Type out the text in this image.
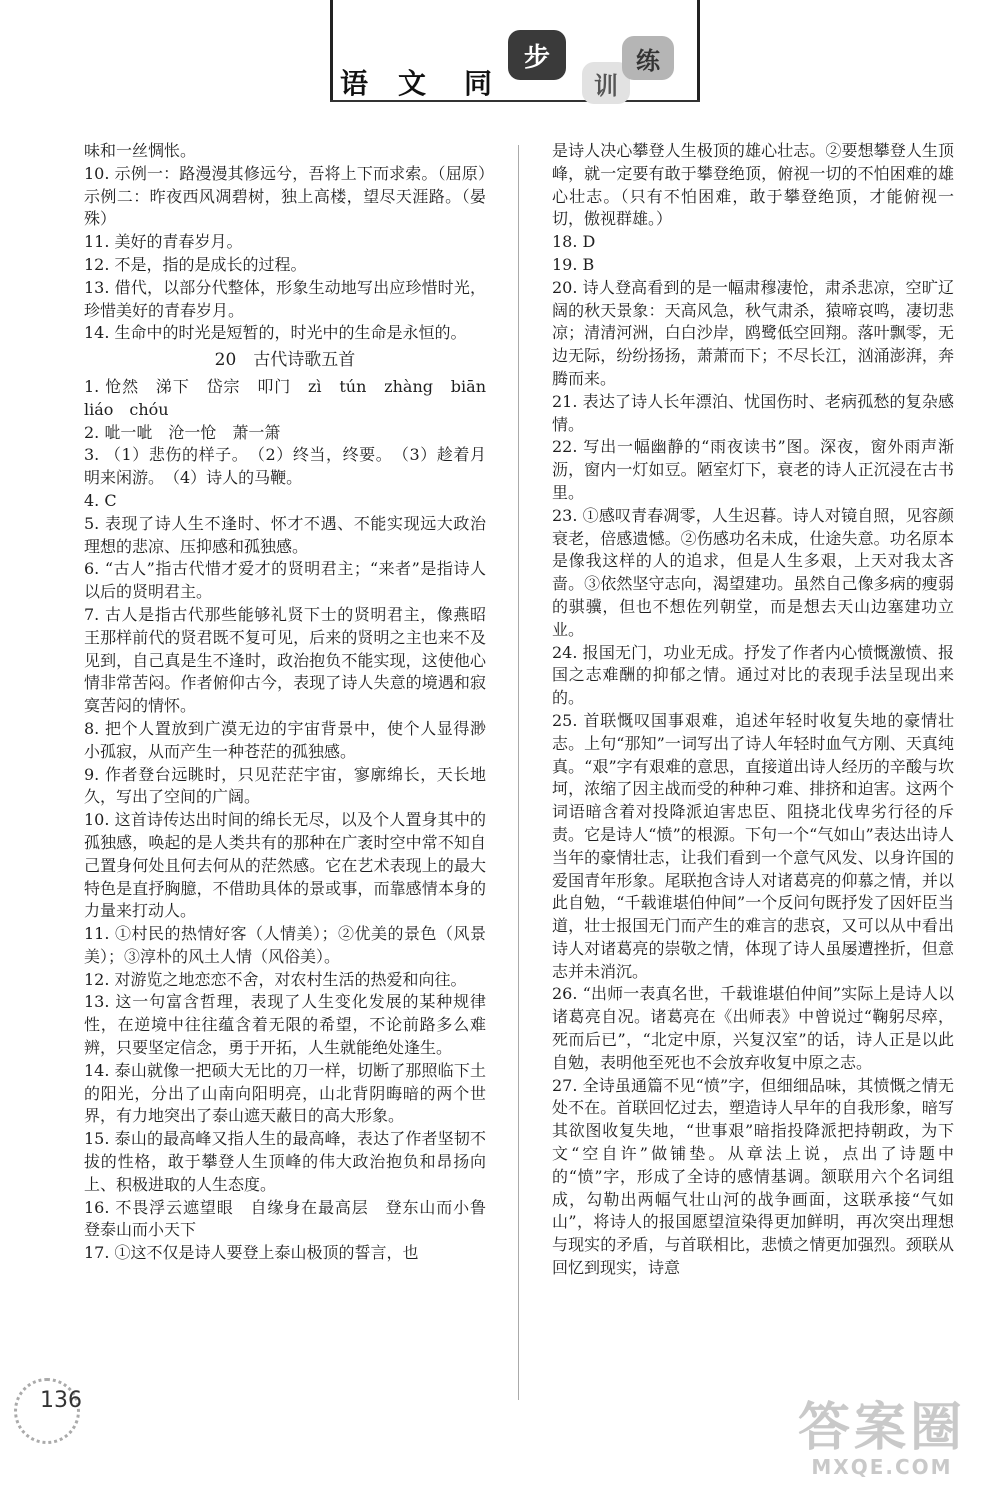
语 文 同
步
训
练

味和一丝惆怅。

10. 示例一：路漫漫其修远兮，吾将上下而求索。（屈原）　示例二：昨夜西风凋碧树，独上高楼，望尽天涯路。（晏殊）

11. 美好的青春岁月。

12. 不是，指的是成长的过程。

13. 借代，以部分代整体，形象生动地写出应珍惜时光，珍惜美好的青春岁月。

14. 生命中的时光是短暂的，时光中的生命是永恒的。

20　古代诗歌五首

1. 怆然　涕下　岱宗　叩门　zì　tún　zhàng　biān　liáo　chóu

2. 呲一呲　沧一怆　萧一箫

3. （1）悲伤的样子。　（2）终当，终要。　（3）趁着月明来闲游。　（4）诗人的马鞭。

4. C

5. 表现了诗人生不逢时、怀才不遇、不能实现远大政治理想的悲凉、压抑感和孤独感。

6. “古人”指古代惜才爱才的贤明君主；“来者”是指诗人以后的贤明君主。

7. 古人是指古代那些能够礼贤下士的贤明君主，像燕昭王那样前代的贤君既不复可见，后来的贤明之主也来不及见到，自己真是生不逢时，政治抱负不能实现，这使他心情非常苦闷。作者俯仰古今，表现了诗人失意的境遇和寂寞苦闷的情怀。

8. 把个人置放到广漠无边的宇宙背景中，使个人显得渺小孤寂，从而产生一种苍茫的孤独感。

9. 作者登台远眺时，只见茫茫宇宙，寥廓绵长，天长地久，写出了空间的广阔。

10. 这首诗传达出时间的绵长无尽，以及个人置身其中的孤独感，唤起的是人类共有的那种在广袤时空中常不知自己置身何处且何去何从的茫然感。它在艺术表现上的最大特色是直抒胸臆，不借助具体的景或事，而靠感情本身的力量来打动人。

11. ①村民的热情好客（人情美）；②优美的景色（风景美）；③淳朴的风土人情（风俗美）。

12. 对游览之地恋恋不舍，对农村生活的热爱和向往。

13. 这一句富含哲理，表现了人生变化发展的某种规律性，在逆境中往往蕴含着无限的希望，不论前路多么难辨，只要坚定信念，勇于开拓，人生就能绝处逢生。

14. 泰山就像一把硕大无比的刀一样，切断了那照临下土的阳光，分出了山南向阳明亮，山北背阴晦暗的两个世界，有力地突出了泰山遮天蔽日的高大形象。

15. 泰山的最高峰又指人生的最高峰，表达了作者坚韧不拔的性格，敢于攀登人生顶峰的伟大政治抱负和昂扬向上、积极进取的人生态度。

16. 不畏浮云遮望眼　自缘身在最高层　登东山而小鲁　登泰山而小天下

17. ①这不仅是诗人要登上泰山极顶的誓言，也

是诗人决心攀登人生极顶的雄心壮志。②要想攀登人生顶峰，就一定要有敢于攀登绝顶，俯视一切的不怕困难的雄心壮志。（只有不怕困难，敢于攀登绝顶，才能俯视一切，傲视群雄。）

18. D

19. B

20. 诗人登高看到的是一幅肃穆凄怆，肃杀悲凉，空旷辽阔的秋天景象：天高风急，秋气肃杀，猿啼哀鸣，凄切悲凉；清清河洲，白白沙岸，鸥鹭低空回翔。落叶飘零，无边无际，纷纷扬扬，萧萧而下；不尽长江，汹涌澎湃，奔腾而来。

21. 表达了诗人长年漂泊、忧国伤时、老病孤愁的复杂感情。

22. 写出一幅幽静的“雨夜读书”图。深夜，窗外雨声渐沥，窗内一灯如豆。陋室灯下，衰老的诗人正沉浸在古书里。

23. ①感叹青春凋零，人生迟暮。诗人对镜自照，见容颜衰老，倍感遗憾。②伤感功名未成，仕途失意。功名原本是像我这样的人的追求，但是人生多艰，上天对我太吝啬。③依然坚守志向，渴望建功。虽然自己像多病的瘦弱的骐骥，但也不想佐列朝堂，而是想去天山边塞建功立业。

24. 报国无门，功业无成。抒发了作者内心愤慨激愤、报国之志难酬的抑郁之情。通过对比的表现手法呈现出来的。

25. 首联慨叹国事艰难，追述年轻时收复失地的豪情壮志。上句“那知”一词写出了诗人年轻时血气方刚、天真纯真。“艰”字有艰难的意思，直接道出诗人经历的辛酸与坎坷，浓缩了因主战而受的种种刁难、排挤和迫害。这两个词语暗含着对投降派迫害忠臣、阻挠北伐卑劣行径的斥责。它是诗人“愤”的根源。下句一个“气如山”表达出诗人当年的豪情壮志，让我们看到一个意气风发、以身许国的爱国青年形象。尾联抱含诗人对诸葛亮的仰慕之情，并以此自勉，“千载谁堪伯仲间”一个反问句既抒发了因奸臣当道，壮士报国无门而产生的难言的悲哀，又可以从中看出诗人对诸葛亮的崇敬之情，体现了诗人虽屡遭挫折，但意志并未消沉。

26. “出师一表真名世，千载谁堪伯仲间”实际上是诗人以诸葛亮自况。诸葛亮在《出师表》中曾说过“鞠躬尽瘁，死而后已”，“北定中原，兴复汉室”的话，诗人正是以此自勉，表明他至死也不会放弃收复中原之志。

27. 全诗虽通篇不见“愤”字，但细细品味，其愤慨之情无处不在。首联回忆过去，塑造诗人早年的自我形象，暗写其欲图收复失地，“世事艰”暗指投降派把持朝政，为下文“空自许”做铺垫。从章法上说，点出了诗题中的“愤”字，形成了全诗的感情基调。颔联用六个名词组成，勾勒出两幅气壮山河的战争画面，这联承接“气如山”，将诗人的报国愿望渲染得更加鲜明，再次突出理想与现实的矛盾，与首联相比，悲愤之情更加强烈。颈联从回忆到现实，诗意

136	答案圈
MXQE.COM
